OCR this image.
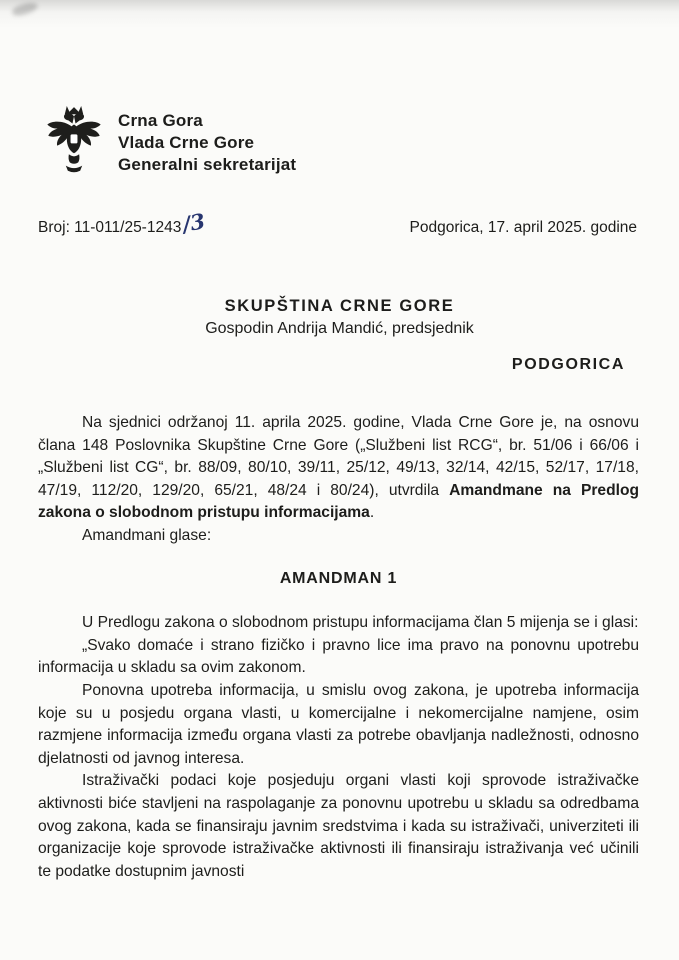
Crna Gora
Vlada Crne Gore
Generalni sekretarijat
Broj: 11-011/25-1243/3	Podgorica, 17. april 2025. godine
SKUPŠTINA CRNE GORE
Gospodin Andrija Mandić, predsjednik
PODGORICA

Na sjednici održanoj 11. aprila 2025. godine, Vlada Crne Gore je, na osnovu člana 148 Poslovnika Skupštine Crne Gore („Službeni list RCG“, br. 51/06 i 66/06 i „Službeni list CG“, br. 88/09, 80/10, 39/11, 25/12, 49/13, 32/14, 42/15, 52/17, 17/18, 47/19, 112/20, 129/20, 65/21, 48/24 i 80/24), utvrdila Amandmane na Predlog zakona o slobodnom pristupu informacijama.

Amandmani glase:

AMANDMAN 1

U Predlogu zakona o slobodnom pristupu informacijama član 5 mijenja se i glasi:

„Svako domaće i strano fizičko i pravno lice ima pravo na ponovnu upotrebu informacija u skladu sa ovim zakonom.

Ponovna upotreba informacija, u smislu ovog zakona, je upotreba informacija koje su u posjedu organa vlasti, u komercijalne i nekomercijalne namjene, osim razmjene informacija između organa vlasti za potrebe obavljanja nadležnosti, odnosno djelatnosti od javnog interesa.

Istraživački podaci koje posjeduju organi vlasti koji sprovode istraživačke aktivnosti biće stavljeni na raspolaganje za ponovnu upotrebu u skladu sa odredbama ovog zakona, kada se finansiraju javnim sredstvima i kada su istraživači, univerziteti ili organizacije koje sprovode istraživačke aktivnosti ili finansiraju istraživanja već učinili te podatke dostupnim javnosti
